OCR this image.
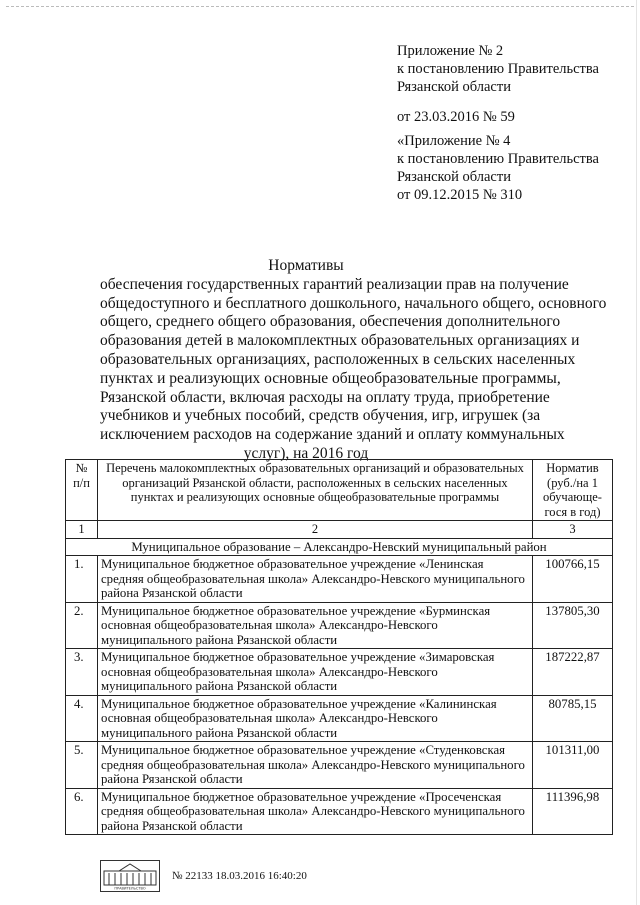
Приложение № 2
к постановлению Правительства
Рязанской области
от 23.03.2016 № 59
«Приложение № 4
к постановлению Правительства
Рязанской области
от 09.12.2015 № 310
Нормативы
обеспечения государственных гарантий реализации прав на получение
общедоступного и бесплатного дошкольного, начального общего, основного
общего, среднего общего образования, обеспечения дополнительного
образования детей в малокомплектных образовательных организациях и
образовательных организациях, расположенных в сельских населенных
пунктах и реализующих основные общеобразовательные программы,
Рязанской области, включая расходы на оплату труда, приобретение
учебников и учебных пособий, средств обучения, игр, игрушек (за
исключением расходов на содержание зданий и оплату коммунальных
услуг), на 2016 год
№ п/п	Перечень малокомплектных образовательных организаций и образовательных организаций Рязанской области, расположенных в сельских населенных пунктах и реализующих основные общеобразовательные программы	Норматив (руб./на 1 обучающе-гося в год)
1	2	3
Муниципальное образование – Александро-Невский муниципальный район		
1.	Муниципальное бюджетное образовательное учреждение «Ленинская средняя общеобразовательная школа» Александро-Невского муниципального района Рязанской области	100766,15
2.	Муниципальное бюджетное образовательное учреждение «Бурминская основная общеобразовательная школа» Александро-Невского муниципального района Рязанской области	137805,30
3.	Муниципальное бюджетное образовательное учреждение «Зимаровская основная общеобразовательная школа» Александро-Невского муниципального района Рязанской области	187222,87
4.	Муниципальное бюджетное образовательное учреждение «Калининская основная общеобразовательная школа» Александро-Невского муниципального района Рязанской области	80785,15
5.	Муниципальное бюджетное образовательное учреждение «Студенковская средняя общеобразовательная школа» Александро-Невского муниципального района Рязанской области	101311,00
6.	Муниципальное бюджетное образовательное учреждение «Просеченская средняя общеобразовательная школа» Александро-Невского муниципального района Рязанской области	111396,98
ПРАВИТЕЛЬСТВО
№ 22133 18.03.2016 16:40:20
